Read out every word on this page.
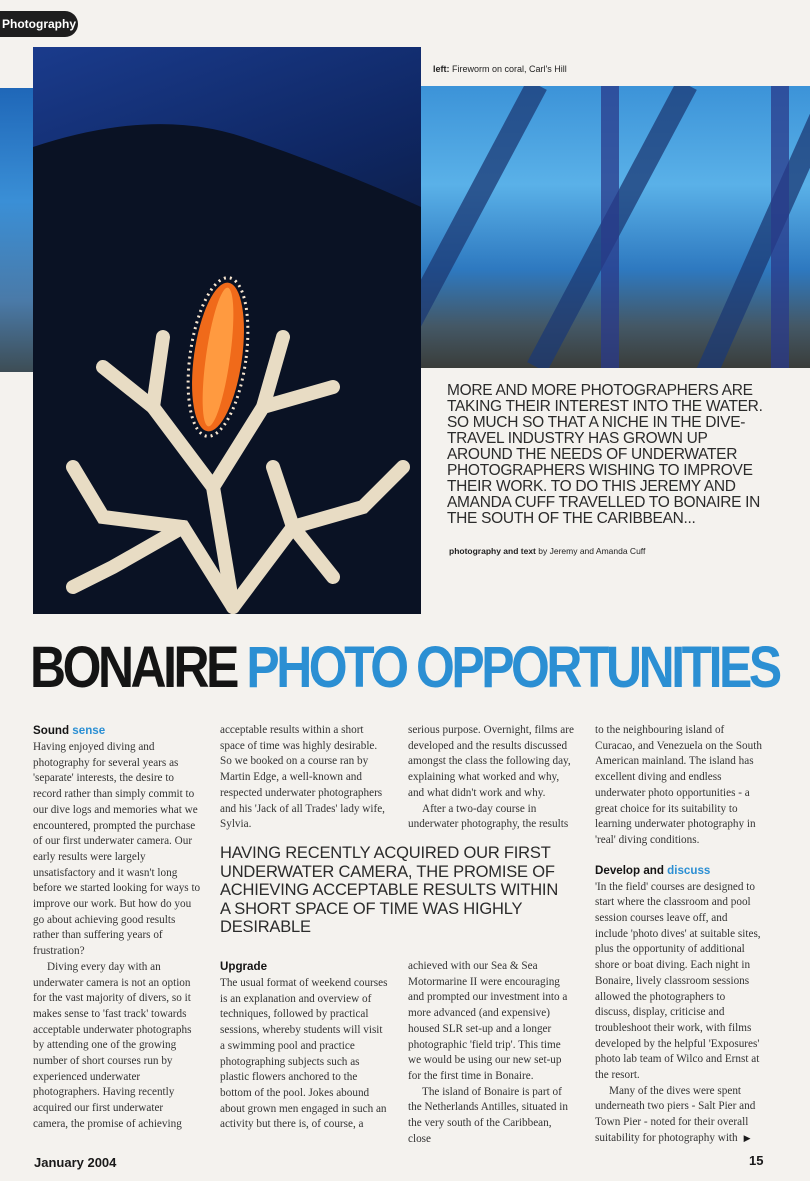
Photography
left: Fireworm on coral, Carl's Hill
MORE AND MORE PHOTOGRAPHERS ARE TAKING THEIR INTEREST INTO THE WATER. SO MUCH SO THAT A NICHE IN THE DIVE-TRAVEL INDUSTRY HAS GROWN UP AROUND THE NEEDS OF UNDERWATER PHOTOGRAPHERS WISHING TO IMPROVE THEIR WORK. TO DO THIS JEREMY AND AMANDA CUFF TRAVELLED TO BONAIRE IN THE SOUTH OF THE CARIBBEAN...
photography and text by Jeremy and Amanda Cuff
BONAIRE PHOTO OPPORTUNITIES
Sound sense

Having enjoyed diving and photography for several years as 'separate' interests, the desire to record rather than simply commit to our dive logs and memories what we encountered, prompted the purchase of our first underwater camera. Our early results were largely unsatisfactory and it wasn't long before we started looking for ways to improve our work. But how do you go about achieving good results rather than suffering years of frustration?

Diving every day with an underwater camera is not an option for the vast majority of divers, so it makes sense to 'fast track' towards acceptable underwater photographs by attending one of the growing number of short courses run by experienced underwater photographers. Having recently acquired our first underwater camera, the promise of achieving

acceptable results within a short space of time was highly desirable. So we booked on a course ran by Martin Edge, a well-known and respected underwater photographers and his 'Jack of all Trades' lady wife, Sylvia.

Upgrade

The usual format of weekend courses is an explanation and overview of techniques, followed by practical sessions, whereby students will visit a swimming pool and practice photographing subjects such as plastic flowers anchored to the bottom of the pool. Jokes abound about grown men engaged in such an activity but there is, of course, a

HAVING RECENTLY ACQUIRED OUR FIRST UNDERWATER CAMERA, THE PROMISE OF ACHIEVING ACCEPTABLE RESULTS WITHIN A SHORT SPACE OF TIME WAS HIGHLY DESIRABLE

serious purpose. Overnight, films are developed and the results discussed amongst the class the following day, explaining what worked and why, and what didn't work and why.

After a two-day course in underwater photography, the results

achieved with our Sea & Sea Motormarine II were encouraging and prompted our investment into a more advanced (and expensive) housed SLR set-up and a longer photographic 'field trip'. This time we would be using our new set-up for the first time in Bonaire.

The island of Bonaire is part of the Netherlands Antilles, situated in the very south of the Caribbean, close

to the neighbouring island of Curacao, and Venezuela on the South American mainland. The island has excellent diving and endless underwater photo opportunities - a great choice for its suitability to learning underwater photography in 'real' diving conditions.

Develop and discuss

'In the field' courses are designed to start where the classroom and pool session courses leave off, and include 'photo dives' at suitable sites, plus the opportunity of additional shore or boat diving. Each night in Bonaire, lively classroom sessions allowed the photographers to discuss, display, criticise and troubleshoot their work, with films developed by the helpful 'Exposures' photo lab team of Wilco and Ernst at the resort.

Many of the dives were spent underneath two piers - Salt Pier and Town Pier - noted for their overall suitability for photography with ▶

January 2004	15
